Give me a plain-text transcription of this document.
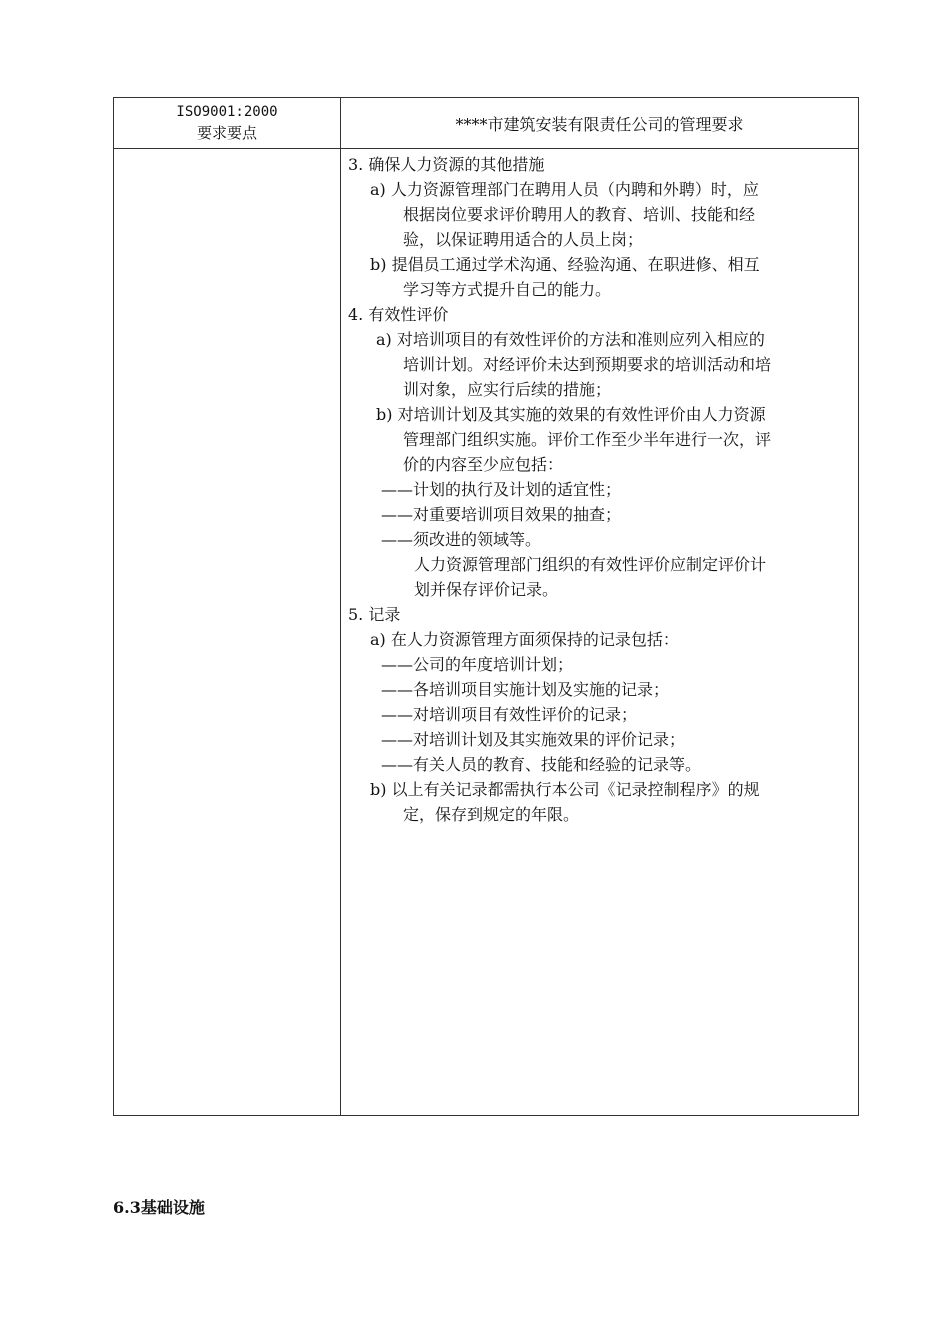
ISO9001:2000
要求要点	****市建筑安装有限责任公司的管理要求
3. 确保人力资源的其他措施
a) 人力资源管理部门在聘用人员（内聘和外聘）时，应
根据岗位要求评价聘用人的教育、培训、技能和经
验，以保证聘用适合的人员上岗；
b) 提倡员工通过学术沟通、经验沟通、在职进修、相互
学习等方式提升自己的能力。
4. 有效性评价
a) 对培训项目的有效性评价的方法和准则应列入相应的
培训计划。对经评价未达到预期要求的培训活动和培
训对象，应实行后续的措施；
b) 对培训计划及其实施的效果的有效性评价由人力资源
管理部门组织实施。评价工作至少半年进行一次，评
价的内容至少应包括：
——计划的执行及计划的适宜性；
——对重要培训项目效果的抽查；
——须改进的领域等。
人力资源管理部门组织的有效性评价应制定评价计
划并保存评价记录。
5. 记录
a) 在人力资源管理方面须保持的记录包括：
——公司的年度培训计划；
——各培训项目实施计划及实施的记录；
——对培训项目有效性评价的记录；
——对培训计划及其实施效果的评价记录；
——有关人员的教育、技能和经验的记录等。
b) 以上有关记录都需执行本公司《记录控制程序》的规
定，保存到规定的年限。
6.3基础设施
